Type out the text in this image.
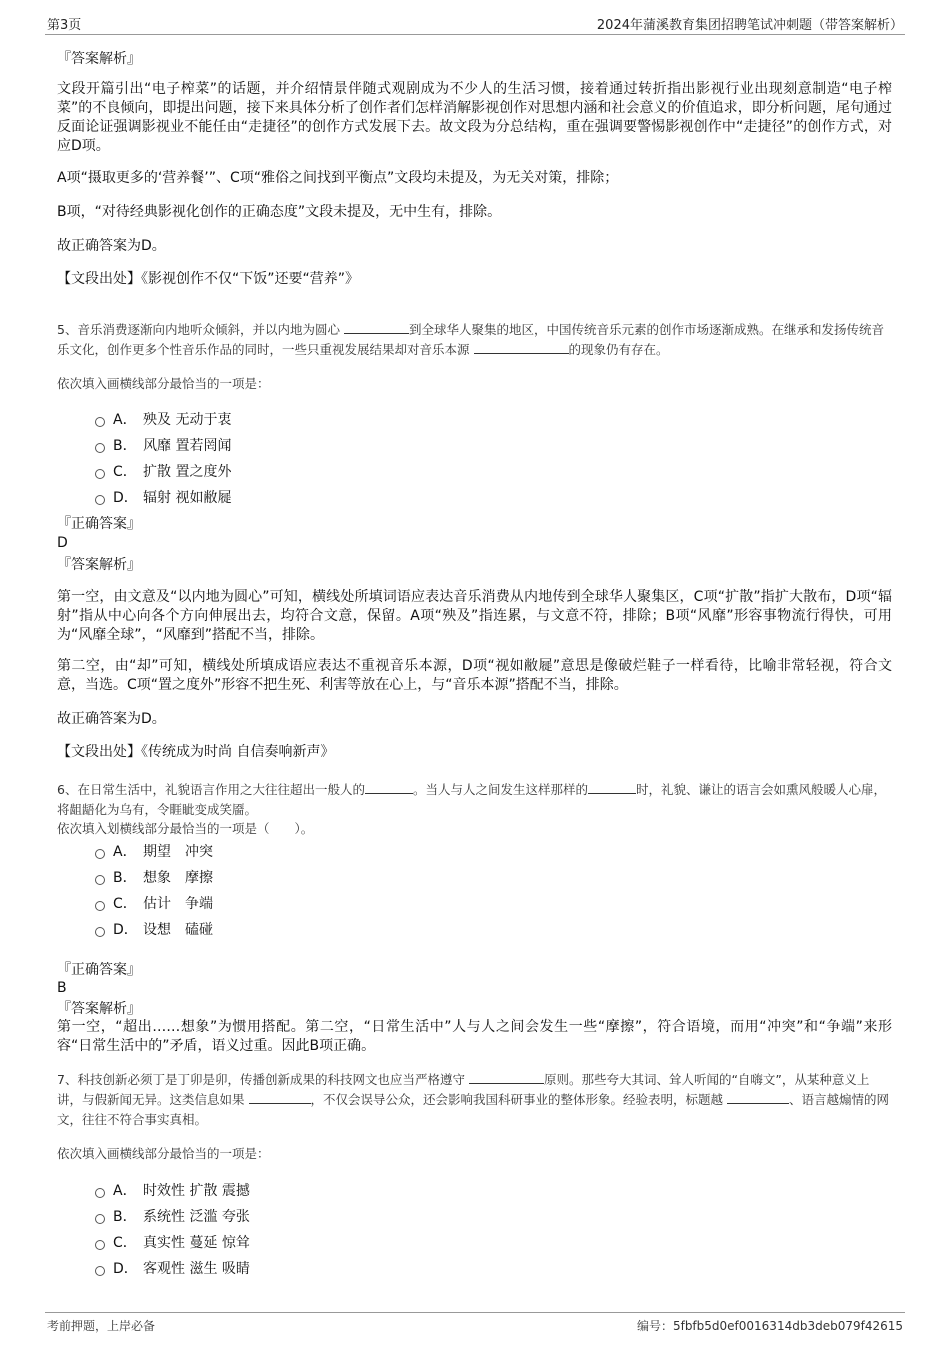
第3页	2024年蒲溪教育集团招聘笔试冲刺题（带答案解析）
『答案解析』
文段开篇引出“电子榨菜”的话题，并介绍情景伴随式观剧成为不少人的生活习惯，接着通过转折指出影视行业出现刻意制造“电子榨菜”的不良倾向，即提出问题，接下来具体分析了创作者们怎样消解影视创作对思想内涵和社会意义的价值追求，即分析问题，尾句通过反面论证强调影视业不能任由“走捷径”的创作方式发展下去。故文段为分总结构，重在强调要警惕影视创作中“走捷径”的创作方式，对应D项。
A项“摄取更多的‘营养餐’”、C项“雅俗之间找到平衡点”文段均未提及，为无关对策，排除；
B项，“对待经典影视化创作的正确态度”文段未提及，无中生有，排除。
故正确答案为D。
【文段出处】《影视创作不仅“下饭”还要“营养”》
5、音乐消费逐渐向内地听众倾斜，并以内地为圆心	到全球华人聚集的地区，中国传统音乐元素的创作市场逐渐成熟。在继承和发扬传统音乐文化，创作更多个性音乐作品的同时，一些只重视发展结果却对音乐本源	的现象仍有存在。
依次填入画横线部分最恰当的一项是：
A． 殃及 无动于衷
B． 风靡 置若罔闻
C． 扩散 置之度外
D． 辐射 视如敝屣
『正确答案』
D
『答案解析』
第一空，由文意及“以内地为圆心”可知，横线处所填词语应表达音乐消费从内地传到全球华人聚集区，C项“扩散”指扩大散布，D项“辐射”指从中心向各个方向伸展出去，均符合文意，保留。A项“殃及”指连累，与文意不符，排除；B项“风靡”形容事物流行得快，可用为“风靡全球”，“风靡到”搭配不当，排除。
第二空，由“却”可知，横线处所填成语应表达不重视音乐本源，D项“视如敝屣”意思是像破烂鞋子一样看待，比喻非常轻视，符合文意，当选。C项“置之度外”形容不把生死、利害等放在心上，与“音乐本源”搭配不当，排除。
故正确答案为D。
【文段出处】《传统成为时尚 自信奏响新声》
6、在日常生活中，礼貌语言作用之大往往超出一般人的	。当人与人之间发生这样那样的	时，礼貌、谦让的语言会如熏风般暖人心扉，将龃龉化为乌有，令睚眦变成笑靥。
依次填入划横线部分最恰当的一项是（　　）。
A． 期望　冲突
B． 想象　摩擦
C． 估计　争端
D． 设想　磕碰
『正确答案』
B
『答案解析』
第一空，“超出……想象”为惯用搭配。第二空，“日常生活中”人与人之间会发生一些“摩擦”，符合语境，而用“冲突”和“争端”来形容“日常生活中的”矛盾，语义过重。因此B项正确。
7、科技创新必须丁是丁卯是卯，传播创新成果的科技网文也应当严格遵守	原则。那些夸大其词、耸人听闻的“自嗨文”，从某种意义上讲，与假新闻无异。这类信息如果	，不仅会误导公众，还会影响我国科研事业的整体形象。经验表明，标题越	、语言越煽情的网文，往往不符合事实真相。
依次填入画横线部分最恰当的一项是：
A． 时效性 扩散 震撼
B． 系统性 泛滥 夸张
C． 真实性 蔓延 惊耸
D． 客观性 滋生 吸睛
考前押题，上岸必备	编号：5fbfb5d0ef0016314db3deb079f42615
